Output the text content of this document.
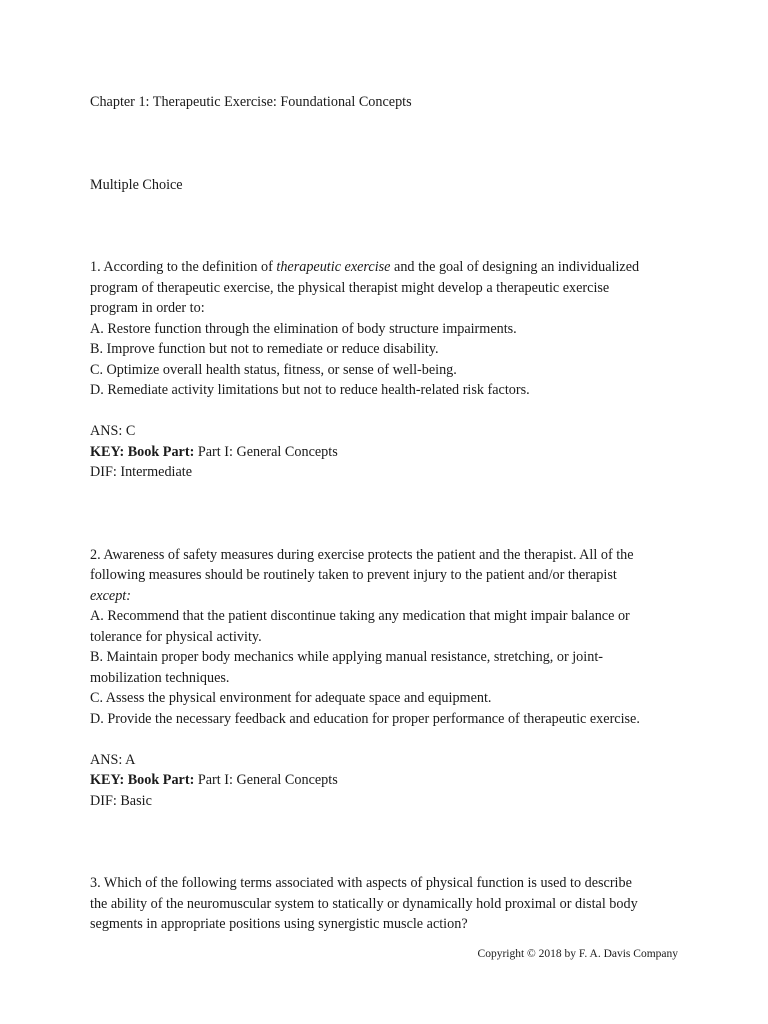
Chapter 1: Therapeutic Exercise: Foundational Concepts
Multiple Choice
1. According to the definition of therapeutic exercise and the goal of designing an individualized
program of therapeutic exercise, the physical therapist might develop a therapeutic exercise
program in order to:
A. Restore function through the elimination of body structure impairments.
B. Improve function but not to remediate or reduce disability.
C. Optimize overall health status, fitness, or sense of well-being.
D. Remediate activity limitations but not to reduce health-related risk factors.
ANS: C
KEY: Book Part: Part I: General Concepts
DIF: Intermediate
2. Awareness of safety measures during exercise protects the patient and the therapist. All of the
following measures should be routinely taken to prevent injury to the patient and/or therapist
except:
A. Recommend that the patient discontinue taking any medication that might impair balance or
tolerance for physical activity.
B. Maintain proper body mechanics while applying manual resistance, stretching, or joint-
mobilization techniques.
C. Assess the physical environment for adequate space and equipment.
D. Provide the necessary feedback and education for proper performance of therapeutic exercise.
ANS: A
KEY: Book Part: Part I: General Concepts
DIF: Basic
3. Which of the following terms associated with aspects of physical function is used to describe
the ability of the neuromuscular system to statically or dynamically hold proximal or distal body
segments in appropriate positions using synergistic muscle action?
Copyright © 2018 by F. A. Davis Company
